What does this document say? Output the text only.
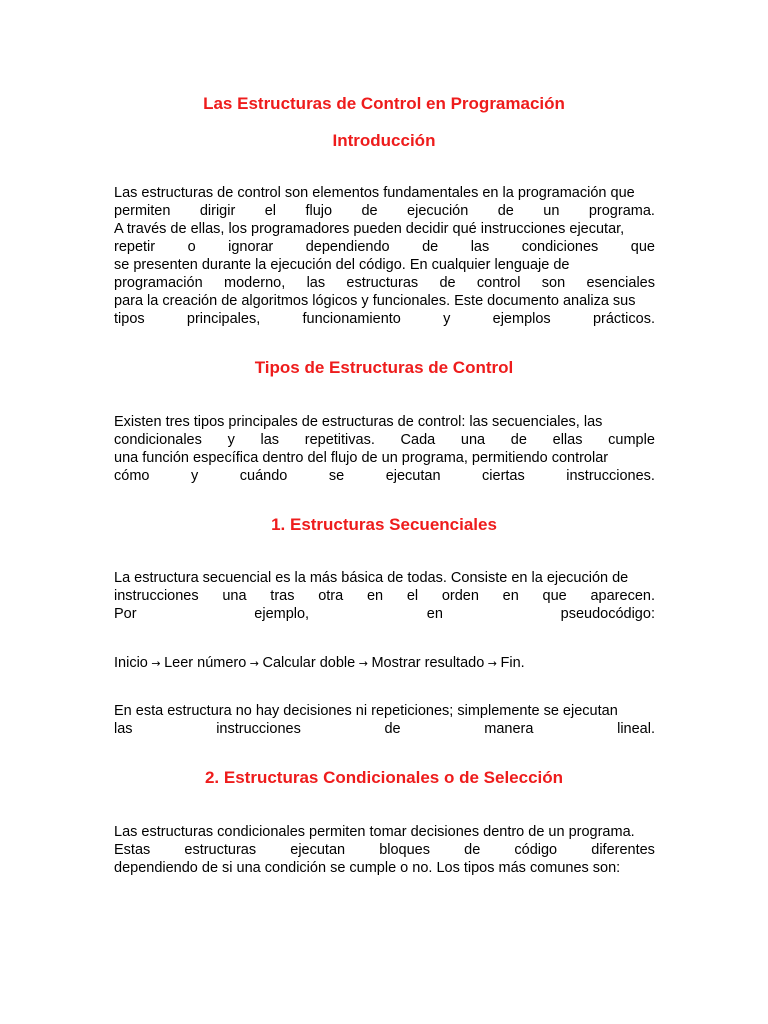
Las Estructuras de Control en Programación
Introducción
Las estructuras de control son elementos fundamentales en la programación que
permiten dirigir el flujo de ejecución de un programa.
A través de ellas, los programadores pueden decidir qué instrucciones ejecutar,
repetir o ignorar dependiendo de las condiciones que
se presenten durante la ejecución del código. En cualquier lenguaje de
programación moderno, las estructuras de control son esenciales
para la creación de algoritmos lógicos y funcionales. Este documento analiza sus
tipos	principales,	funcionamiento	y	ejemplos	prácticos.
Tipos de Estructuras de Control
Existen tres tipos principales de estructuras de control: las secuenciales, las
condicionales y las repetitivas. Cada una de ellas cumple
una función específica dentro del flujo de un programa, permitiendo controlar
cómo	y	cuándo	se	ejecutan	ciertas	instrucciones.
1. Estructuras Secuenciales
La estructura secuencial es la más básica de todas. Consiste en la ejecución de
instrucciones una tras otra en el orden en que aparecen.
Por	ejemplo,	en	pseudocódigo:
Inicio → Leer número → Calcular doble → Mostrar resultado → Fin.
En esta estructura no hay decisiones ni repeticiones; simplemente se ejecutan
las	instrucciones	de	manera	lineal.
2. Estructuras Condicionales o de Selección
Las estructuras condicionales permiten tomar decisiones dentro de un programa.
Estas estructuras ejecutan bloques de código diferentes
dependiendo de si una condición se cumple o no. Los tipos más comunes son:
